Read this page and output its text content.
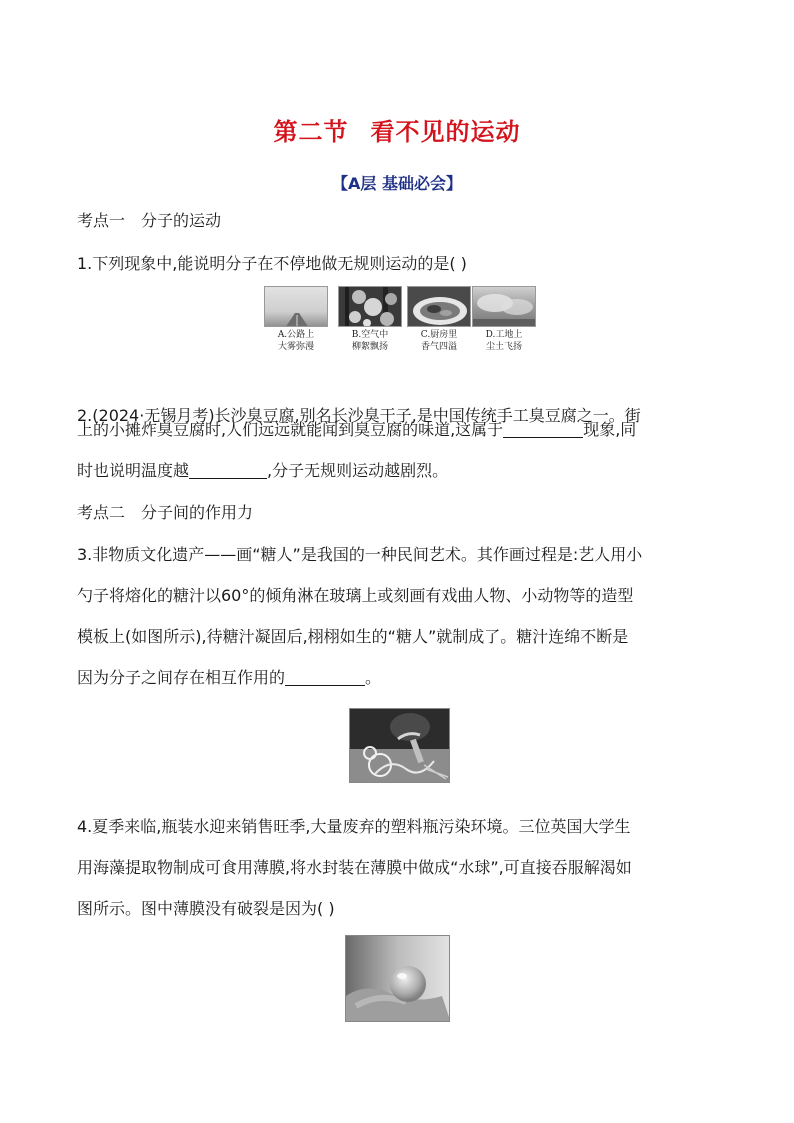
第二节 看不见的运动
【A层 基础必会】
考点一　分子的运动
1.下列现象中,能说明分子在不停地做无规则运动的是( )
A.公路上
大雾弥漫
B.空气中
柳絮飘扬
C.厨房里
香气四溢
D.工地上
尘土飞扬
2.(2024·无锡月考)长沙臭豆腐,别名长沙臭干子,是中国传统手工臭豆腐之一。街
上的小摊炸臭豆腐时,人们远远就能闻到臭豆腐的味道,这属于	现象,同
时也说明温度越	,分子无规则运动越剧烈。
考点二　分子间的作用力
3.非物质文化遗产——画“糖人”是我国的一种民间艺术。其作画过程是:艺人用小
勺子将熔化的糖汁以60°的倾角淋在玻璃上或刻画有戏曲人物、小动物等的造型
模板上(如图所示),待糖汁凝固后,栩栩如生的“糖人”就制成了。糖汁连绵不断是
因为分子之间存在相互作用的	。
4.夏季来临,瓶装水迎来销售旺季,大量废弃的塑料瓶污染环境。三位英国大学生
用海藻提取物制成可食用薄膜,将水封装在薄膜中做成“水球”,可直接吞服解渴如
图所示。图中薄膜没有破裂是因为( )
